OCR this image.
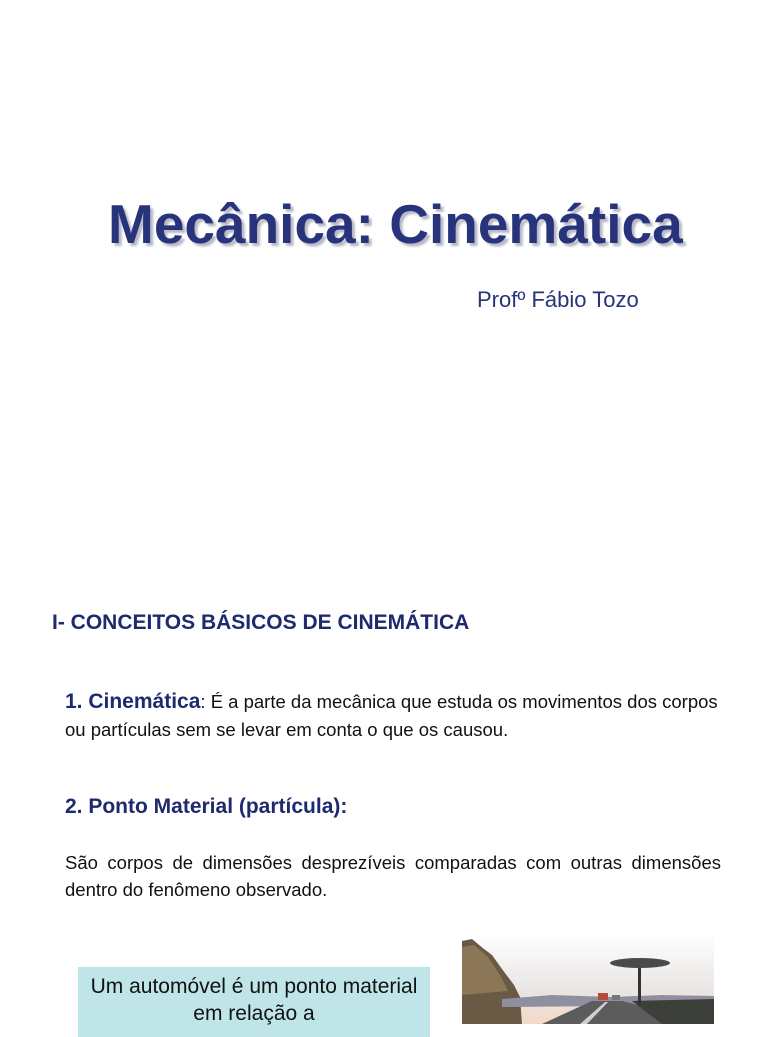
Mecânica: Cinemática
Profº Fábio Tozo
I- CONCEITOS BÁSICOS DE CINEMÁTICA
1. Cinemática: É a parte da mecânica que estuda os movimentos dos corpos ou partículas sem se levar em conta o que os causou.
2. Ponto Material (partícula):
São corpos de dimensões desprezíveis comparadas com outras dimensões dentro do fenômeno observado.
Um automóvel é um ponto material em relação a
